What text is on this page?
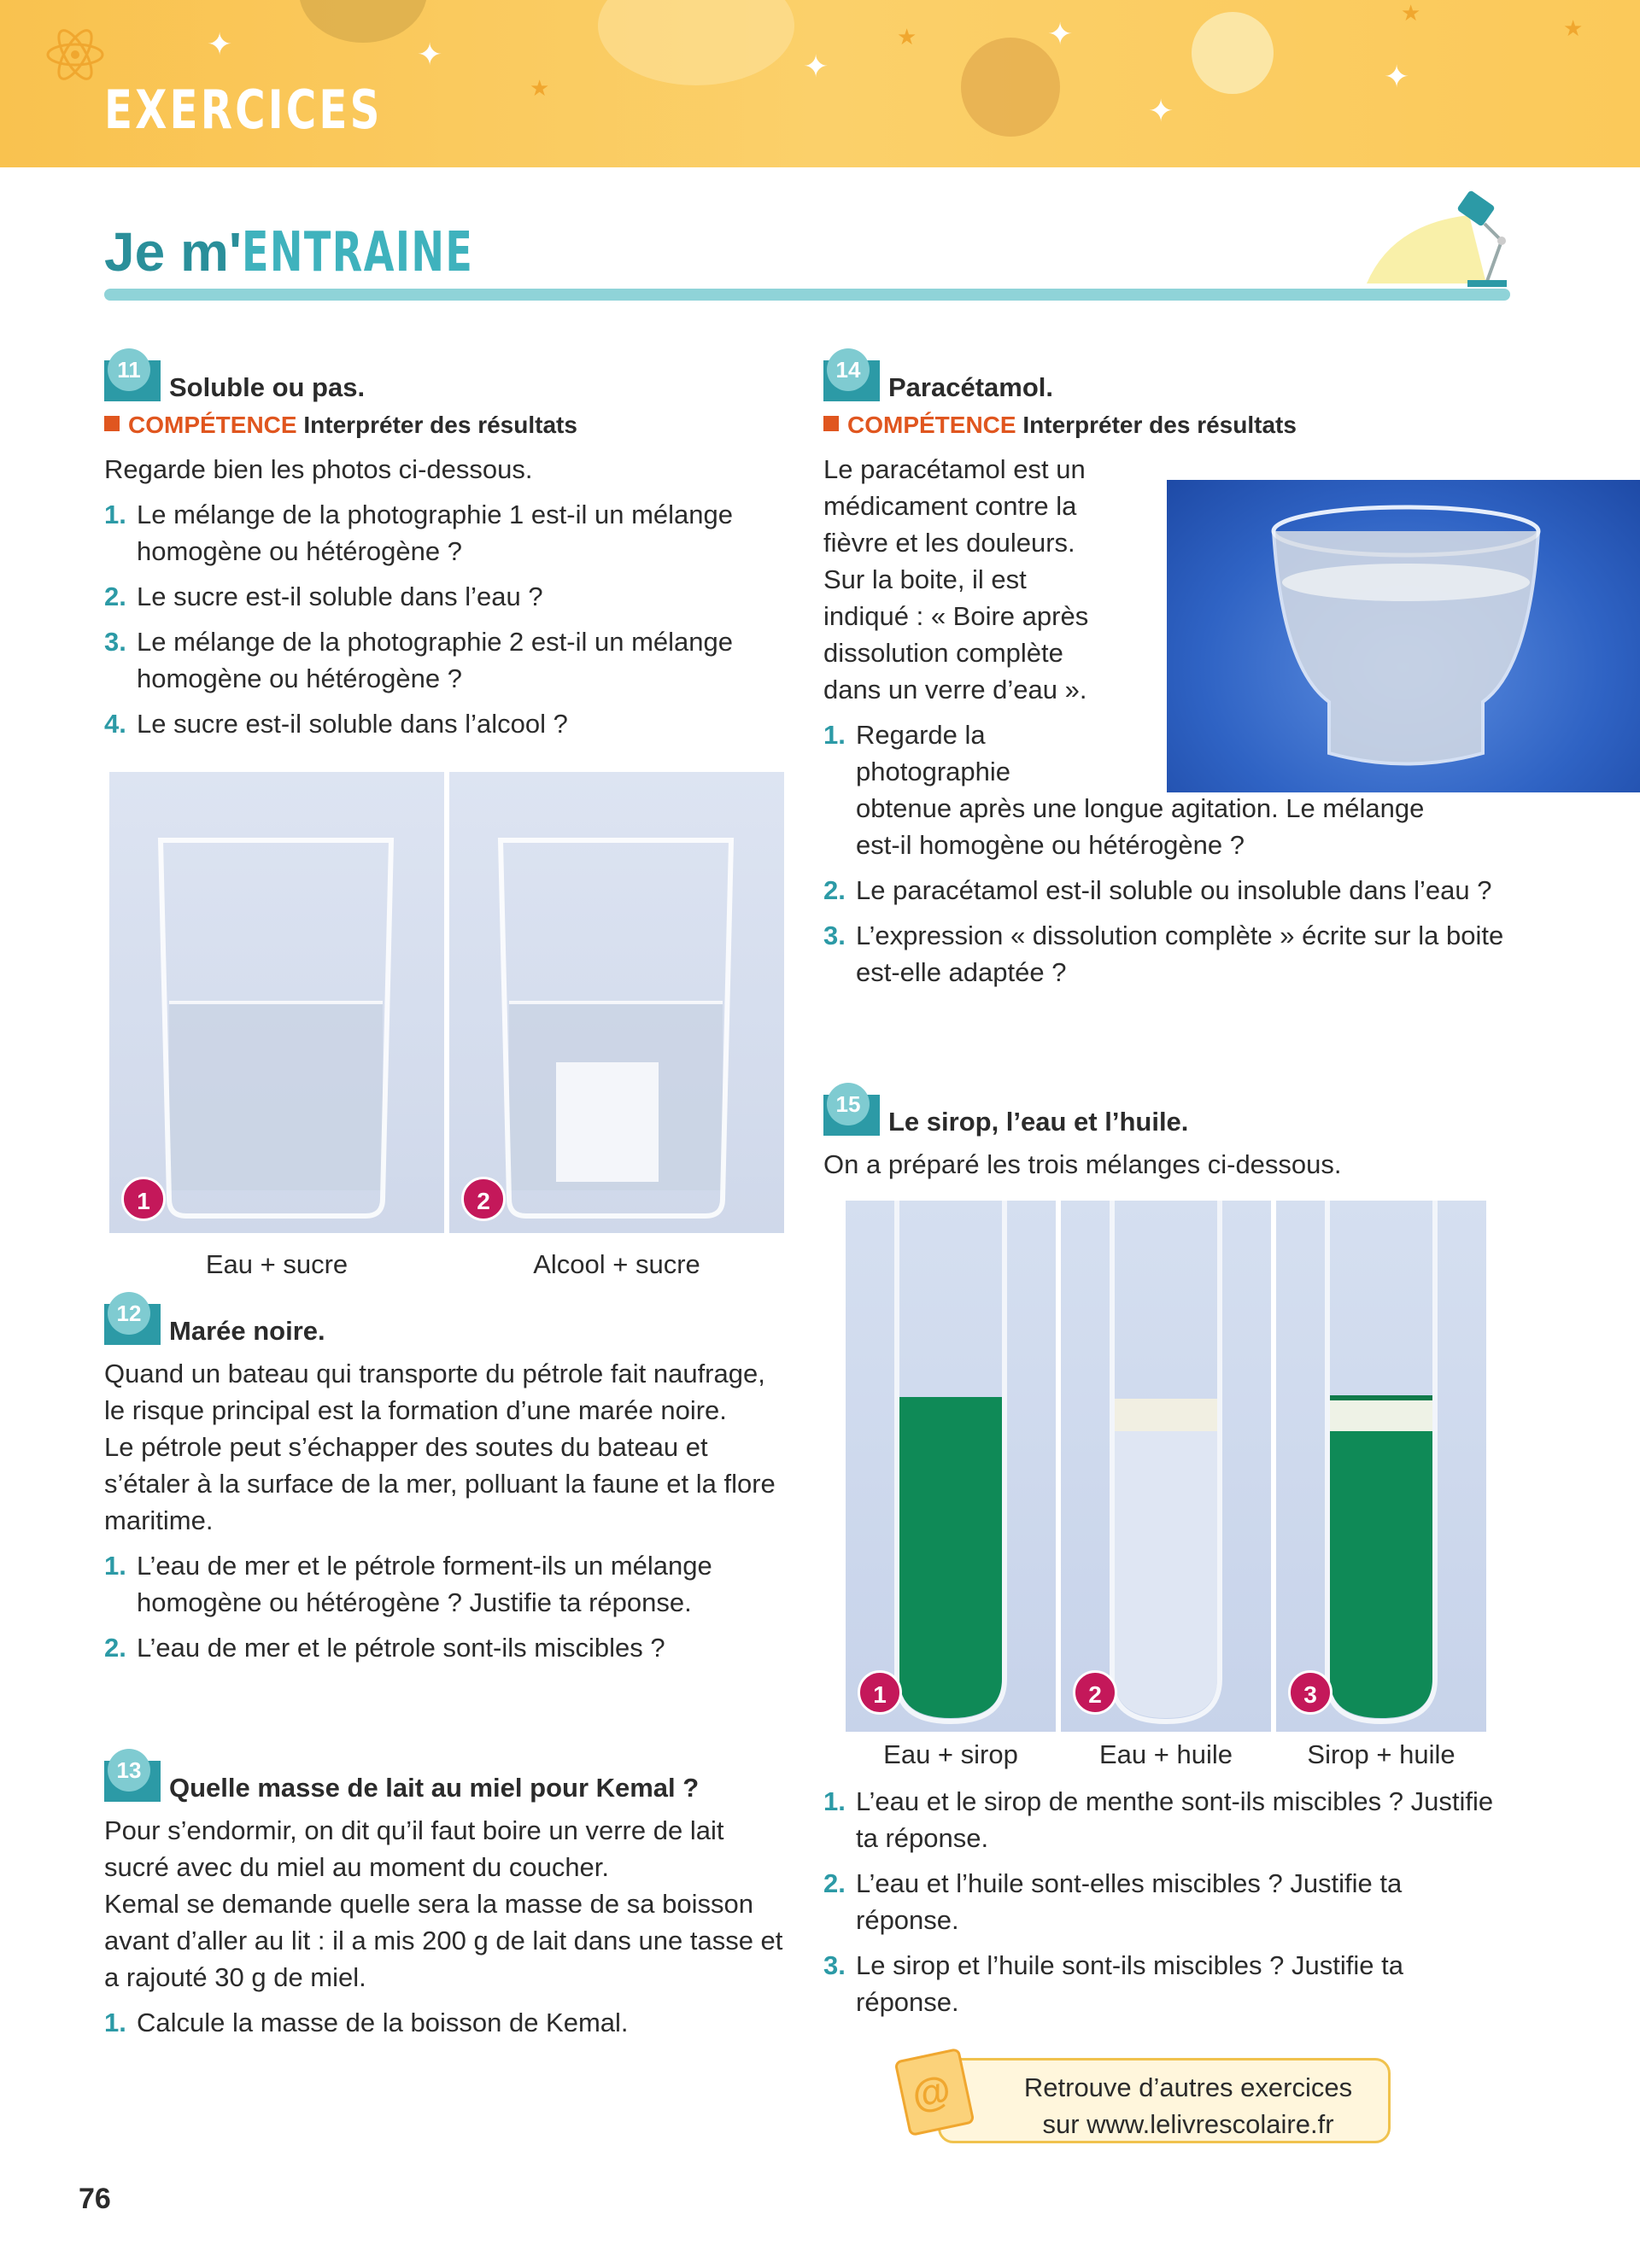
✦	✦	✦
✦
✦
✦
★
★
★
★
EXERCICES
Je m'ENTRAINE
11
Soluble ou pas.
COMPÉTENCE Interpréter des résultats

Regarde bien les photos ci-dessous.

1. Le mélange de la photographie 1 est-il un mélange homogène ou hétérogène ?
2. Le sucre est-il soluble dans l’eau ?
3. Le mélange de la photographie 2 est-il un mélange homogène ou hétérogène ?
4. Le sucre est-il soluble dans l’alcool ?
1	2
Eau + sucre	Alcool + sucre
12
Marée noire.

Quand un bateau qui transporte du pétrole fait naufrage, le risque principal est la formation d’une marée noire.

Le pétrole peut s’échapper des soutes du bateau et s’étaler à la surface de la mer, polluant la faune et la flore maritime.

1. L’eau de mer et le pétrole forment-ils un mélange homogène ou hétérogène ? Justifie ta réponse.
2. L’eau de mer et le pétrole sont-ils miscibles ?
13
Quelle masse de lait au miel pour Kemal ?

Pour s’endormir, on dit qu’il faut boire un verre de lait sucré avec du miel au moment du coucher.

Kemal se demande quelle sera la masse de sa boisson avant d’aller au lit : il a mis 200 g de lait dans une tasse et a rajouté 30 g de miel.

1. Calcule la masse de la boisson de Kemal.
14
Paracétamol.
COMPÉTENCE Interpréter des résultats

Le paracétamol est un

médicament contre la

fièvre et les douleurs.

Sur la boite, il est

indiqué : « Boire après

dissolution complète

dans un verre d’eau ».

1. Regarde la
photographie
obtenue après une longue agitation. Le mélange
est-il homogène ou hétérogène ?
2. Le paracétamol est-il soluble ou insoluble dans l’eau ?
3. L’expression « dissolution complète » écrite sur la boite est-elle adaptée ?
15
Le sirop, l’eau et l’huile.

On a préparé les trois mélanges ci-dessous.

1	2	3
Eau + sirop	Eau + huile	Sirop + huile
1. L’eau et le sirop de menthe sont-ils miscibles ? Justifie ta réponse.
2. L’eau et l’huile sont-elles miscibles ? Justifie ta réponse.
3. Le sirop et l’huile sont-ils miscibles ? Justifie ta réponse.
@	Retrouve d’autres exercices
sur www.lelivrescolaire.fr
76
